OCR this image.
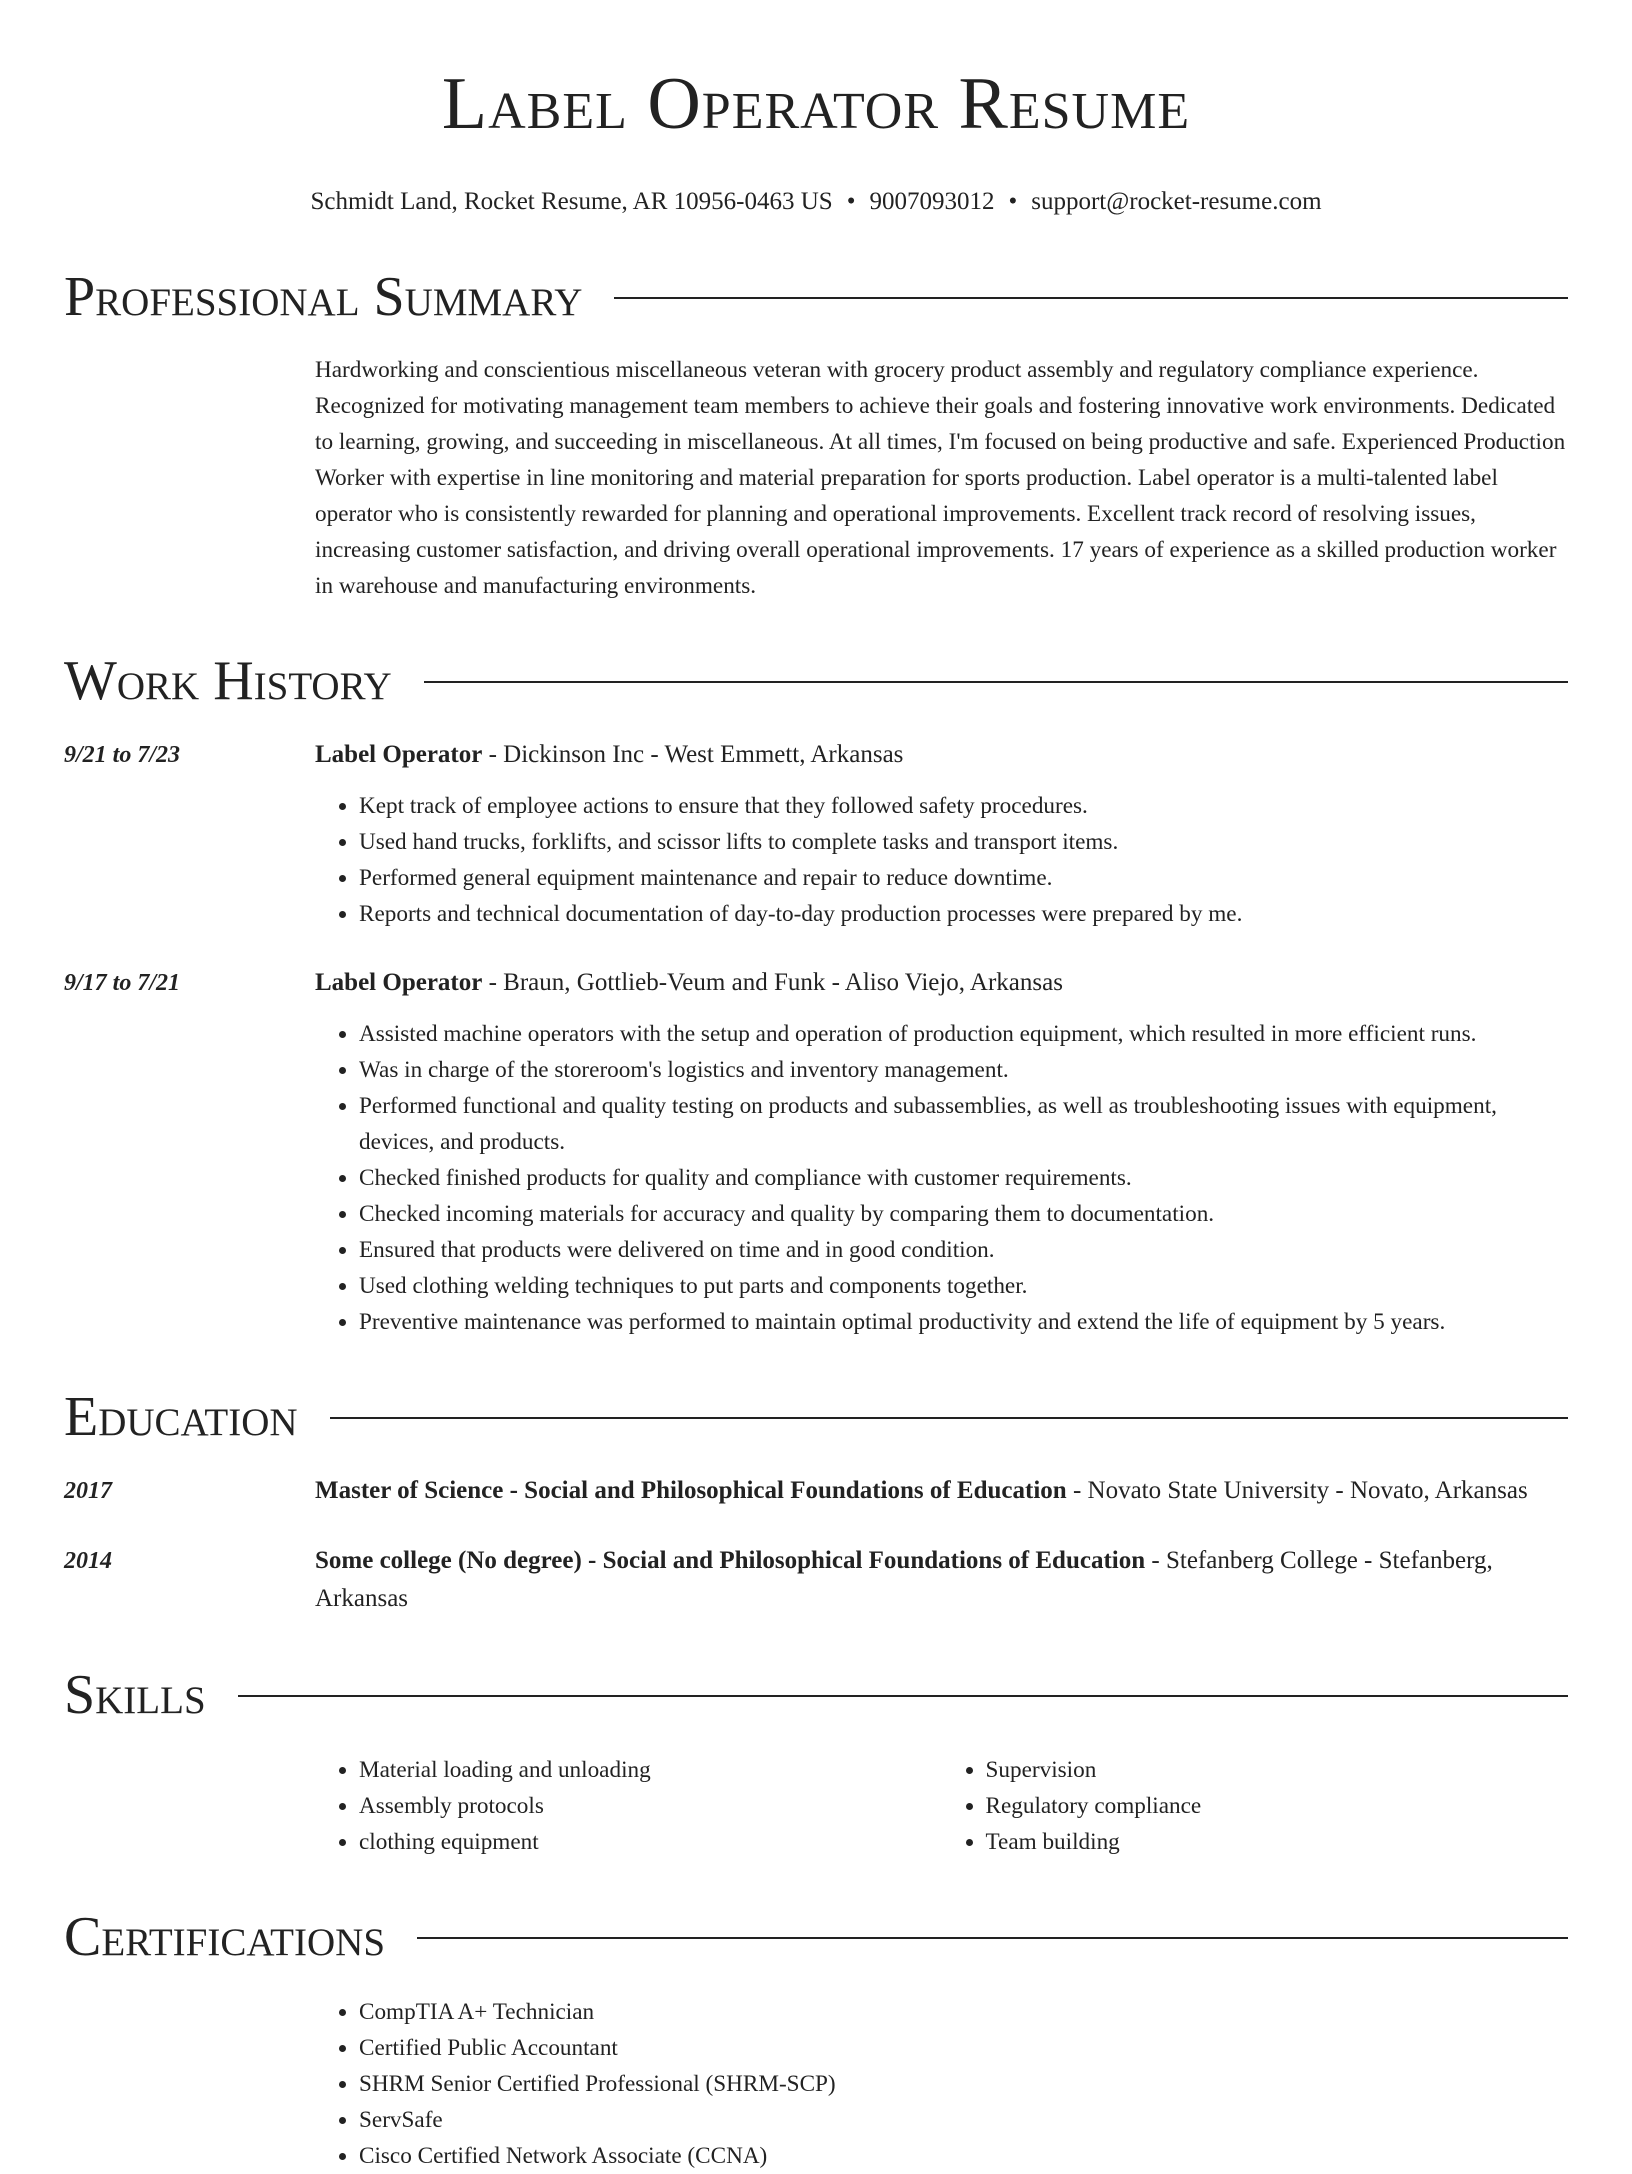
Label Operator Resume
Schmidt Land, Rocket Resume, AR 10956-0463 US • 9007093012 • support@rocket-resume.com
Professional Summary
Hardworking and conscientious miscellaneous veteran with grocery product assembly and regulatory compliance experience. Recognized for motivating management team members to achieve their goals and fostering innovative work environments. Dedicated to learning, growing, and succeeding in miscellaneous. At all times, I'm focused on being productive and safe. Experienced Production Worker with expertise in line monitoring and material preparation for sports production. Label operator is a multi-talented label operator who is consistently rewarded for planning and operational improvements. Excellent track record of resolving issues, increasing customer satisfaction, and driving overall operational improvements. 17 years of experience as a skilled production worker in warehouse and manufacturing environments.
Work History
9/21 to 7/23	Label Operator - Dickinson Inc - West Emmett, Arkansas
• Kept track of employee actions to ensure that they followed safety procedures.
• Used hand trucks, forklifts, and scissor lifts to complete tasks and transport items.
• Performed general equipment maintenance and repair to reduce downtime.
• Reports and technical documentation of day-to-day production processes were prepared by me.
9/17 to 7/21	Label Operator - Braun, Gottlieb-Veum and Funk - Aliso Viejo, Arkansas
• Assisted machine operators with the setup and operation of production equipment, which resulted in more efficient runs.
• Was in charge of the storeroom's logistics and inventory management.
• Performed functional and quality testing on products and subassemblies, as well as troubleshooting issues with equipment, devices, and products.
• Checked finished products for quality and compliance with customer requirements.
• Checked incoming materials for accuracy and quality by comparing them to documentation.
• Ensured that products were delivered on time and in good condition.
• Used clothing welding techniques to put parts and components together.
• Preventive maintenance was performed to maintain optimal productivity and extend the life of equipment by 5 years.
Education
2017	Master of Science - Social and Philosophical Foundations of Education - Novato State University - Novato, Arkansas
2014	Some college (No degree) - Social and Philosophical Foundations of Education - Stefanberg College - Stefanberg, Arkansas
Skills
• Material loading and unloading
• Assembly protocols
• clothing equipment
• Supervision
• Regulatory compliance
• Team building
Certifications
• CompTIA A+ Technician
• Certified Public Accountant
• SHRM Senior Certified Professional (SHRM-SCP)
• ServSafe
• Cisco Certified Network Associate (CCNA)
